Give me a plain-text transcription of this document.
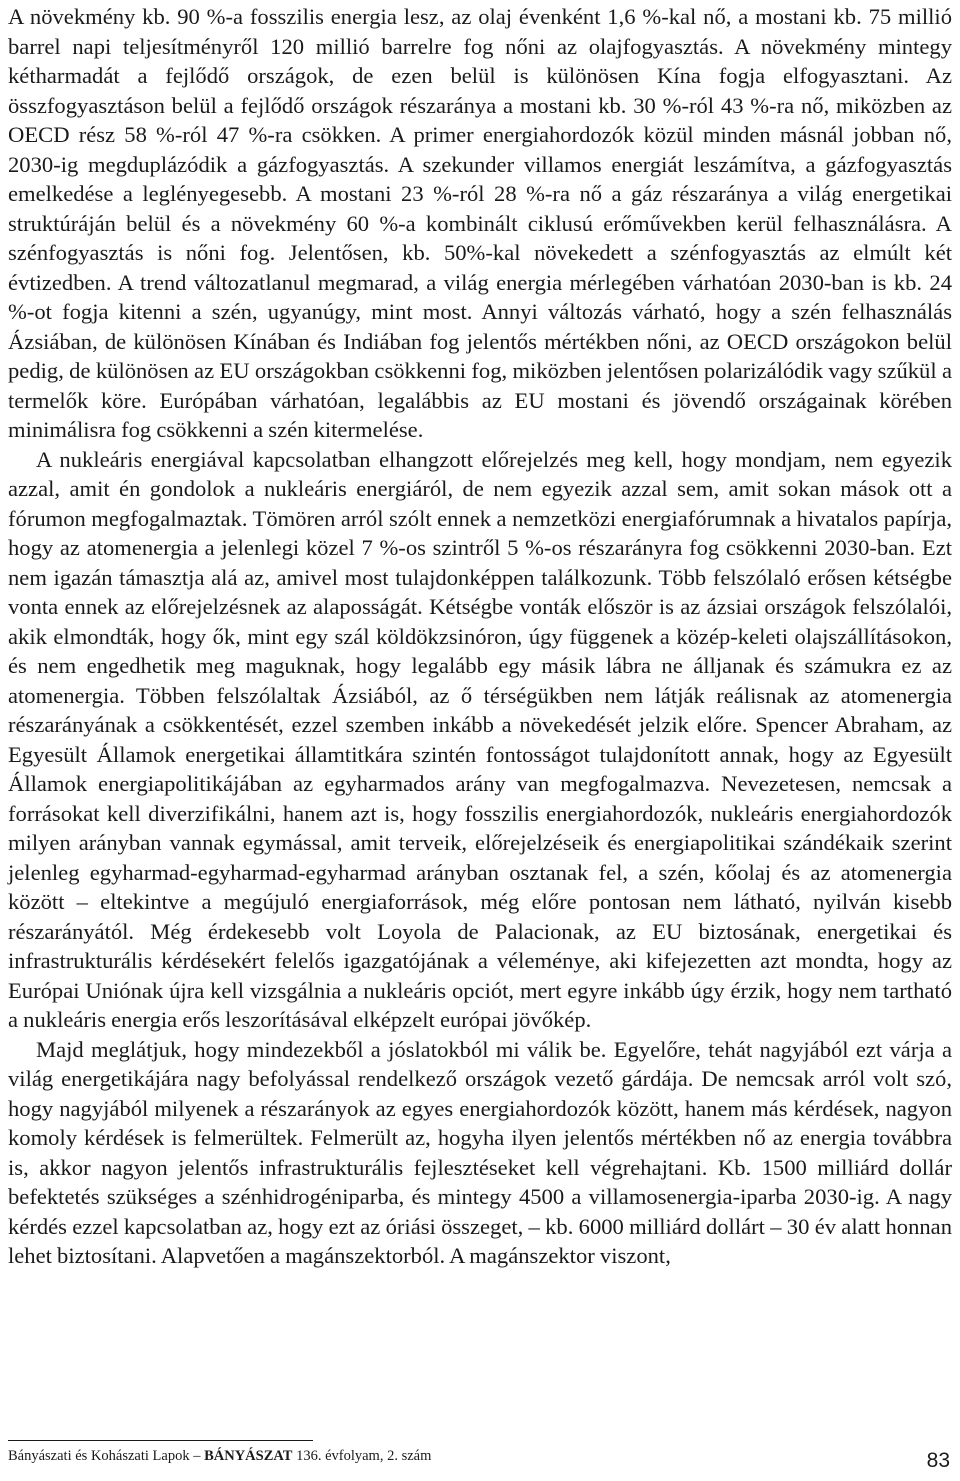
A növekmény kb. 90 %-a fosszilis energia lesz, az olaj évenként 1,6 %-kal nő, a mostani kb. 75 millió barrel napi teljesítményről 120 millió barrelre fog nőni az olajfogyasztás. A növekmény mintegy kétharmadát a fejlődő országok, de ezen belül is különösen Kína fogja elfogyasztani. Az összfogyasztáson belül a fejlődő országok részaránya a mostani kb. 30 %-ról 43 %-ra nő, miközben az OECD rész 58 %-ról 47 %-ra csökken. A primer energiahordozók közül minden másnál jobban nő, 2030-ig megduplázódik a gázfogyasztás. A szekunder villamos energiát leszámítva, a gázfogyasztás emelkedése a leglényegesebb. A mostani 23 %-ról 28 %-ra nő a gáz részaránya a világ energetikai struktúráján belül és a növekmény 60 %-a kombinált ciklusú erőművekben kerül felhasználásra. A szénfogyasztás is nőni fog. Jelentősen, kb. 50%-kal növekedett a szénfogyasztás az elmúlt két évtizedben. A trend változatlanul megmarad, a világ energia mérlegében várhatóan 2030-ban is kb. 24 %-ot fogja kitenni a szén, ugyanúgy, mint most. Annyi változás várható, hogy a szén felhasználás Ázsiában, de különösen Kínában és Indiában fog jelentős mértékben nőni, az OECD országokon belül pedig, de különösen az EU országokban csökkenni fog, miközben jelentősen polarizálódik vagy szűkül a termelők köre. Európában várhatóan, legalábbis az EU mostani és jövendő országainak körében minimálisra fog csökkenni a szén kitermelése.

A nukleáris energiával kapcsolatban elhangzott előrejelzés meg kell, hogy mondjam, nem egyezik azzal, amit én gondolok a nukleáris energiáról, de nem egyezik azzal sem, amit sokan mások ott a fórumon megfogalmaztak. Tömören arról szólt ennek a nemzetközi energiafórumnak a hivatalos papírja, hogy az atomenergia a jelenlegi közel 7 %-os szintről 5 %-os részarányra fog csökkenni 2030-ban. Ezt nem igazán támasztja alá az, amivel most tulajdonképpen találkozunk. Több felszólaló erősen kétségbe vonta ennek az előrejelzésnek az alaposságát. Kétségbe vonták először is az ázsiai országok felszólalói, akik elmondták, hogy ők, mint egy szál köldökzsinóron, úgy függenek a közép-keleti olajszállításokon, és nem engedhetik meg maguknak, hogy legalább egy másik lábra ne álljanak és számukra ez az atomenergia. Többen felszólaltak Ázsiából, az ő térségükben nem látják reálisnak az atomenergia részarányának a csökkentését, ezzel szemben inkább a növekedését jelzik előre. Spencer Abraham, az Egyesült Államok energetikai államtitkára szintén fontosságot tulajdonított annak, hogy az Egyesült Államok energiapolitikájában az egyharmados arány van megfogalmazva. Nevezetesen, nemcsak a forrásokat kell diverzifikálni, hanem azt is, hogy fosszilis energiahordozók, nukleáris energiahordozók milyen arányban vannak egymással, amit terveik, előrejelzéseik és energiapolitikai szándékaik szerint jelenleg egyharmad-egyharmad-egyharmad arányban osztanak fel, a szén, kőolaj és az atomenergia között – eltekintve a megújuló energiaforrások, még előre pontosan nem látható, nyilván kisebb részarányától. Még érdekesebb volt Loyola de Palacionak, az EU biztosának, energetikai és infrastrukturális kérdésekért felelős igazgatójának a véleménye, aki kifejezetten azt mondta, hogy az Európai Uniónak újra kell vizsgálnia a nukleáris opciót, mert egyre inkább úgy érzik, hogy nem tartható a nukleáris energia erős leszorításával elképzelt európai jövőkép.

Majd meglátjuk, hogy mindezekből a jóslatokból mi válik be. Egyelőre, tehát nagyjából ezt várja a világ energetikájára nagy befolyással rendelkező országok vezető gárdája. De nemcsak arról volt szó, hogy nagyjából milyenek a részarányok az egyes energiahordozók között, hanem más kérdések, nagyon komoly kérdések is felmerültek. Felmerült az, hogyha ilyen jelentős mértékben nő az energia továbbra is, akkor nagyon jelentős infrastrukturális fejlesztéseket kell végrehajtani. Kb. 1500 milliárd dollár befektetés szükséges a szénhidrogéniparba, és mintegy 4500 a villamosenergia-iparba 2030-ig. A nagy kérdés ezzel kapcsolatban az, hogy ezt az óriási összeget, – kb. 6000 milliárd dollárt – 30 év alatt honnan lehet biztosítani. Alapvetően a magánszektorból. A magánszektor viszont,

Bányászati és Kohászati Lapok – BÁNYÁSZAT 136. évfolyam, 2. szám	83
